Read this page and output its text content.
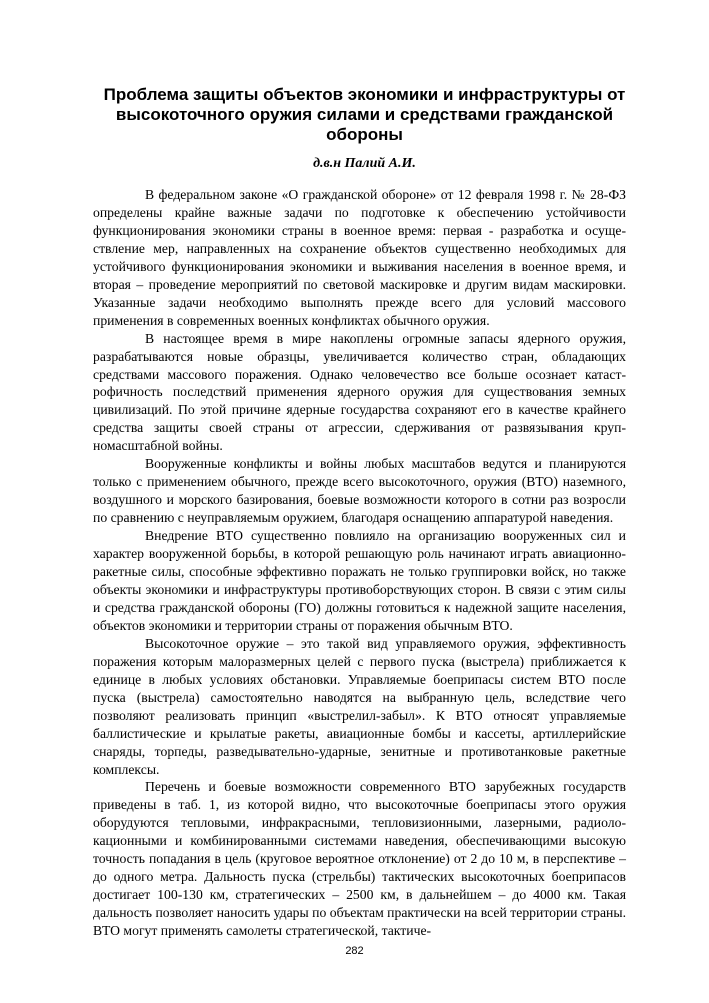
Проблема защиты объектов экономики и инфраструктуры от высокоточного оружия силами и средствами гражданской обороны

д.в.н Палий А.И.

В федеральном законе «О гражданской обороне» от 12 февраля 1998 г. № 28-ФЗ определены крайне важные задачи по подготовке к обеспечению устойчивости функционирования экономики страны в военное время: первая - разработка и осуществление мер, направленных на сохранение объектов существенно необходимых для устойчивого функционирования экономики и выживания населения в военное время, и вторая – проведение мероприятий по световой маскировке и другим видам маскировки. Указанные задачи необходимо выполнять прежде всего для условий массового применения в современных военных конфликтах обычного оружия.

В настоящее время в мире накоплены огромные запасы ядерного оружия, разрабатываются новые образцы, увеличивается количество стран, обладающих средствами массового поражения. Однако человечество все больше осознает катастрофичность последствий применения ядерного оружия для существования земных цивилизаций. По этой причине ядерные государства сохраняют его в качестве крайнего средства защиты своей страны от агрессии, сдерживания от развязывания крупномасштабной войны.

Вооруженные конфликты и войны любых масштабов ведутся и планируются только с применением обычного, прежде всего высокоточного, оружия (ВТО) наземного, воздушного и морского базирования, боевые возможности которого в сотни раз возросли по сравнению с неуправляемым оружием, благодаря оснащению аппаратурой наведения.

Внедрение ВТО существенно повлияло на организацию вооруженных сил и характер вооруженной борьбы, в которой решающую роль начинают играть авиационно-ракетные силы, способные эффективно поражать не только группировки войск, но также объекты экономики и инфраструктуры противоборствующих сторон. В связи с этим силы и средства гражданской обороны (ГО) должны готовиться к надежной защите населения, объектов экономики и территории страны от поражения обычным ВТО.

Высокоточное оружие – это такой вид управляемого оружия, эффективность поражения которым малоразмерных целей с первого пуска (выстрела) приближается к единице в любых условиях обстановки. Управляемые боеприпасы систем ВТО после пуска (выстрела) самостоятельно наводятся на выбранную цель, вследствие чего позволяют реализовать принцип «выстрелил-забыл». К ВТО относят управляемые баллистические и крылатые ракеты, авиационные бомбы и кассеты, артиллерийские снаряды, торпеды, разведывательно-ударные, зенитные и противотанковые ракетные комплексы.

Перечень и боевые возможности современного ВТО зарубежных государств приведены в таб. 1, из которой видно, что высокоточные боеприпасы этого оружия оборудуются тепловыми, инфракрасными, тепловизионными, лазерными, радиолокационными и комбинированными системами наведения, обеспечивающими высокую точность попадания в цель (круговое вероятное отклонение) от 2 до 10 м, в перспективе – до одного метра. Дальность пуска (стрельбы) тактических высокоточных боеприпасов достигает 100-130 км, стратегических – 2500 км, в дальнейшем – до 4000 км. Такая дальность позволяет наносить удары по объектам практически на всей территории страны. ВТО могут применять самолеты стратегической, тактиче-

282
